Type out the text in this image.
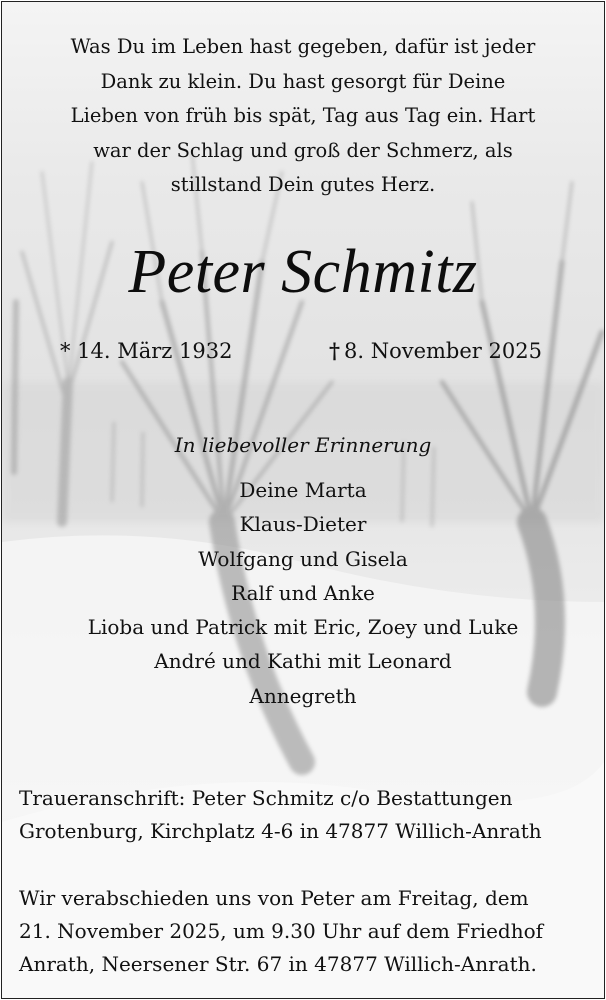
Was Du im Leben hast gegeben, dafür ist jeder
Dank zu klein. Du hast gesorgt für Deine
Lieben von früh bis spät, Tag aus Tag ein. Hart
war der Schlag und groß der Schmerz, als
stillstand Dein gutes Herz.
Peter Schmitz
* 14. März 1932	† 8. November 2025
In liebevoller Erinnerung
Deine Marta
Klaus-Dieter
Wolfgang und Gisela
Ralf und Anke
Lioba und Patrick mit Eric, Zoey und Luke
André und Kathi mit Leonard
Annegreth
Traueranschrift: Peter Schmitz c/o Bestattungen
Grotenburg, Kirchplatz 4-6 in 47877 Willich-Anrath
Wir verabschieden uns von Peter am Freitag, dem
21. November 2025, um 9.30 Uhr auf dem Friedhof
Anrath, Neersener Str. 67 in 47877 Willich-Anrath.
